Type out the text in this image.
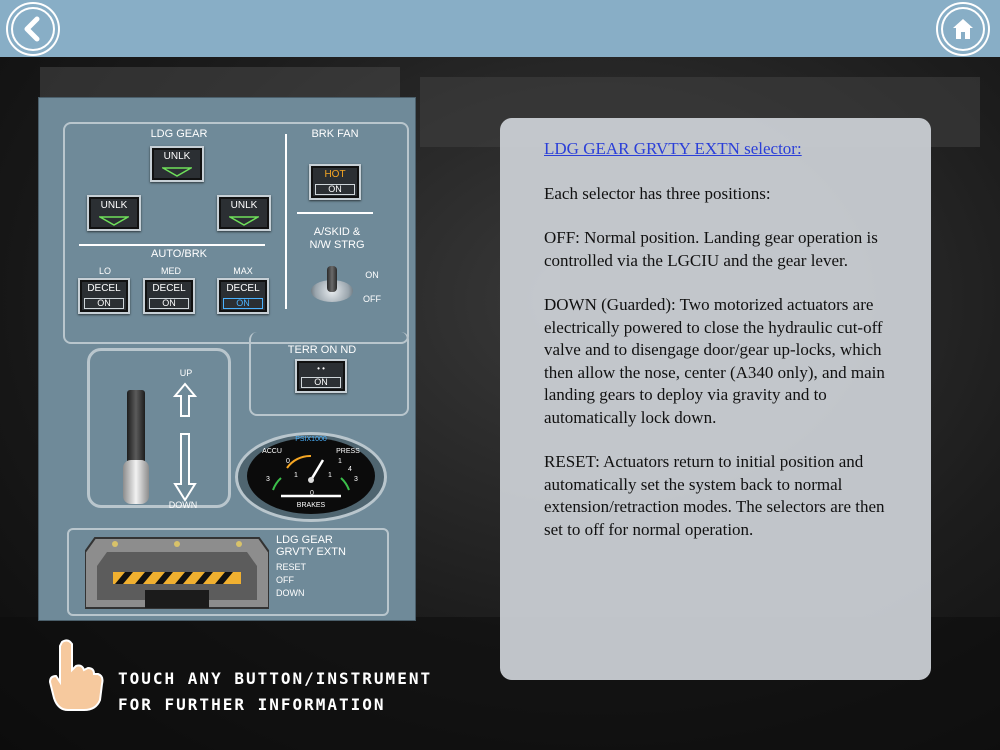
LDG GEAR
UNLK
UNLK	UNLK
AUTO/BRK
LO	MED	MAX
DECEL
ON
DECEL
ON
DECEL
ON
BRK FAN
HOT
ON
A/SKID &
N/W STRG
ON
OFF
TERR ON ND
• •
ON
UP
DOWN
PSIX1000
ACCU	PRESS
0	1
3
4
1
0
1
3
BRAKES
LDG GEAR
GRVTY EXTN
RESET
OFF
DOWN
LDG GEAR GRVTY EXTN selector:

Each selector has three positions:

OFF: Normal position. Landing gear operation is controlled via the LGCIU and the gear lever.

DOWN (Guarded): Two motorized actuators are electrically powered to close the hydraulic cut-off valve and to disengage door/gear up-locks, which then allow the nose, center (A340 only), and main landing gears to deploy via gravity and to automatically lock down.

RESET: Actuators return to initial position and automatically set the system back to normal extension/retraction modes. The selectors are then set to off for normal operation.

TOUCH ANY BUTTON/INSTRUMENT
FOR FURTHER INFORMATION
